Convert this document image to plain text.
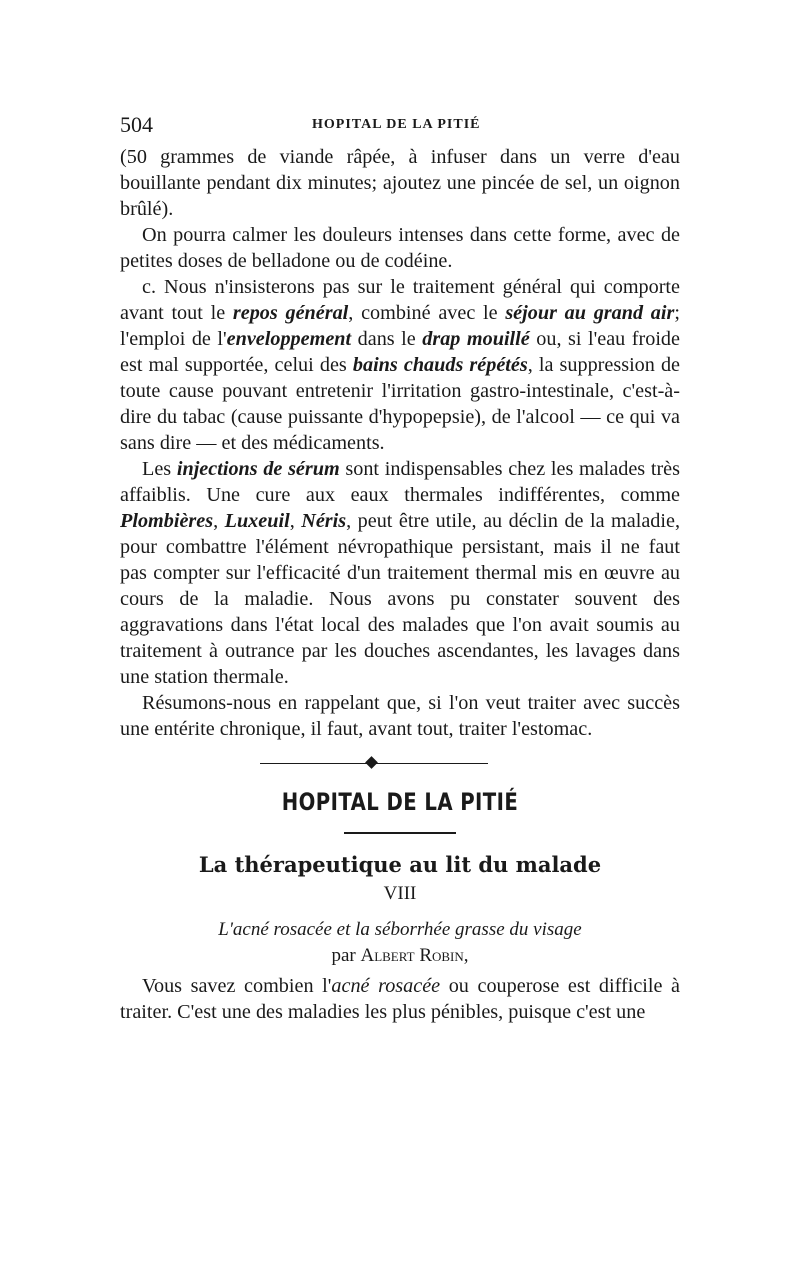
504	HOPITAL DE LA PITIÉ

(50 grammes de viande râpée, à infuser dans un verre d'eau bouillante pendant dix minutes; ajoutez une pincée de sel, un oignon brûlé).

On pourra calmer les douleurs intenses dans cette forme, avec de petites doses de belladone ou de codéine.

c. Nous n'insisterons pas sur le traitement général qui comporte avant tout le repos général, combiné avec le séjour au grand air; l'emploi de l'enveloppement dans le drap mouillé ou, si l'eau froide est mal supportée, celui des bains chauds répétés, la suppression de toute cause pouvant entretenir l'irritation gastro-intestinale, c'est-à-dire du tabac (cause puissante d'hypopepsie), de l'alcool — ce qui va sans dire — et des médicaments.

Les injections de sérum sont indispensables chez les malades très affaiblis. Une cure aux eaux thermales indifférentes, comme Plombières, Luxeuil, Néris, peut être utile, au déclin de la maladie, pour combattre l'élément névropathique persistant, mais il ne faut pas compter sur l'efficacité d'un traitement thermal mis en œuvre au cours de la maladie. Nous avons pu constater souvent des aggravations dans l'état local des malades que l'on avait soumis au traitement à outrance par les douches ascendantes, les lavages dans une station thermale.

Résumons-nous en rappelant que, si l'on veut traiter avec succès une entérite chronique, il faut, avant tout, traiter l'estomac.

HOPITAL DE LA PITIÉ
La thérapeutique au lit du malade
VIII
L'acné rosacée et la séborrhée grasse du visage
par Albert Robin,

Vous savez combien l'acné rosacée ou couperose est difficile à traiter. C'est une des maladies les plus pénibles, puisque c'est une
